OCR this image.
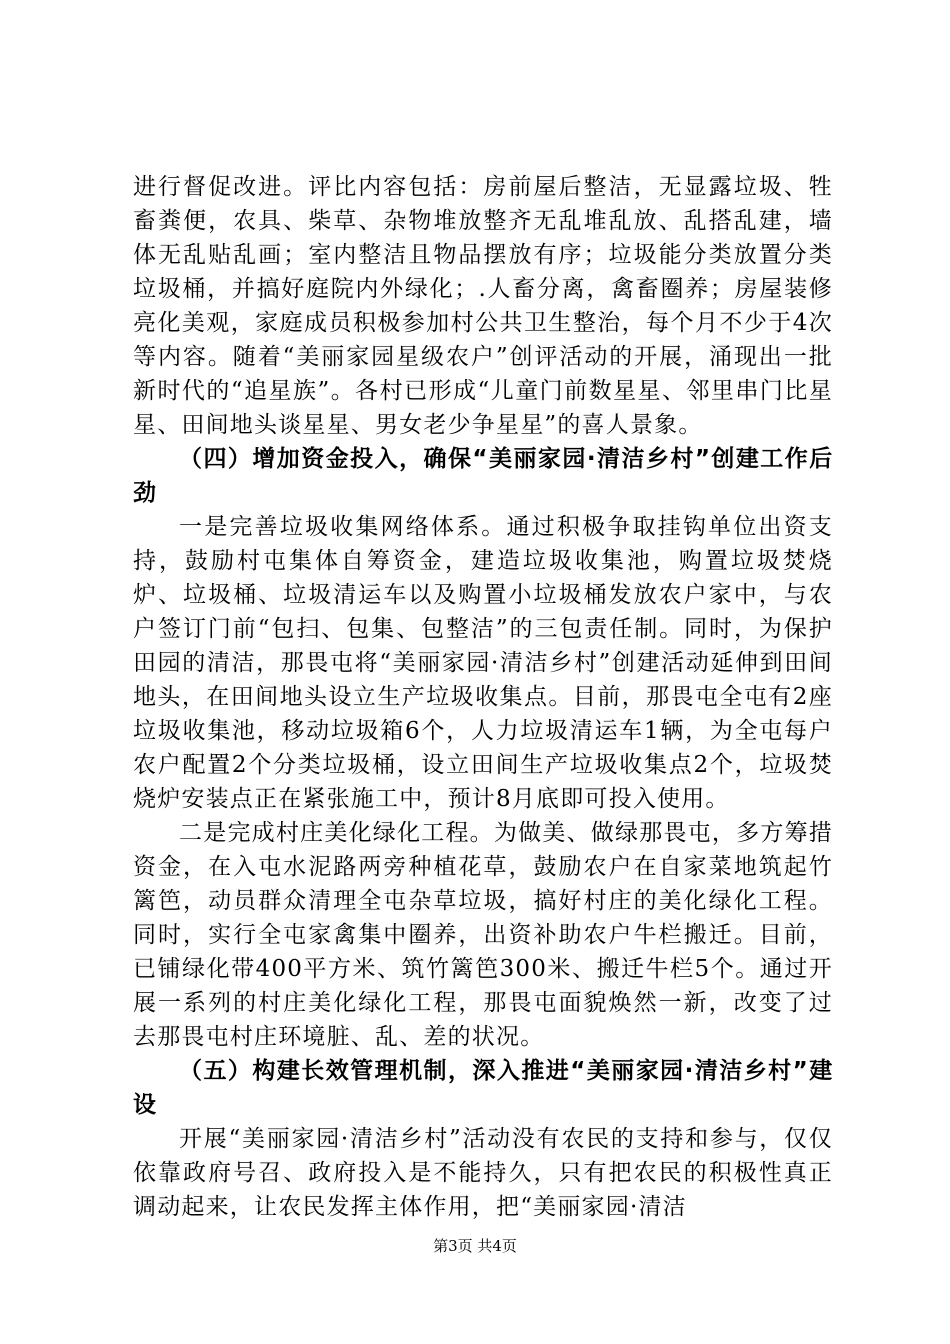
进行督促改进。评比内容包括：房前屋后整洁，无显露垃圾、牲畜粪便，农具、柴草、杂物堆放整齐无乱堆乱放、乱搭乱建，墙体无乱贴乱画；室内整洁且物品摆放有序；垃圾能分类放置分类垃圾桶，并搞好庭院内外绿化；.人畜分离，禽畜圈养；房屋装修亮化美观，家庭成员积极参加村公共卫生整治，每个月不少于4次等内容。随着“美丽家园星级农户”创评活动的开展，涌现出一批新时代的“追星族”。各村已形成“儿童门前数星星、邻里串门比星星、田间地头谈星星、男女老少争星星”的喜人景象。

（四）增加资金投入，确保“美丽家园·清洁乡村”创建工作后劲

一是完善垃圾收集网络体系。通过积极争取挂钩单位出资支持，鼓励村屯集体自筹资金，建造垃圾收集池，购置垃圾焚烧炉、垃圾桶、垃圾清运车以及购置小垃圾桶发放农户家中，与农户签订门前“包扫、包集、包整洁”的三包责任制。同时，为保护田园的清洁，那畏屯将“美丽家园·清洁乡村”创建活动延伸到田间地头，在田间地头设立生产垃圾收集点。目前，那畏屯全屯有2座垃圾收集池，移动垃圾箱6个，人力垃圾清运车1辆，为全屯每户农户配置2个分类垃圾桶，设立田间生产垃圾收集点2个，垃圾焚烧炉安装点正在紧张施工中，预计8月底即可投入使用。

二是完成村庄美化绿化工程。为做美、做绿那畏屯，多方筹措资金，在入屯水泥路两旁种植花草，鼓励农户在自家菜地筑起竹篱笆，动员群众清理全屯杂草垃圾，搞好村庄的美化绿化工程。同时，实行全屯家禽集中圈养，出资补助农户牛栏搬迁。目前，已铺绿化带400平方米、筑竹篱笆300米、搬迁牛栏5个。通过开展一系列的村庄美化绿化工程，那畏屯面貌焕然一新，改变了过去那畏屯村庄环境脏、乱、差的状况。

（五）构建长效管理机制，深入推进“美丽家园·清洁乡村”建设

开展“美丽家园·清洁乡村”活动没有农民的支持和参与，仅仅依靠政府号召、政府投入是不能持久，只有把农民的积极性真正调动起来，让农民发挥主体作用，把“美丽家园·清洁

第3页 共4页
